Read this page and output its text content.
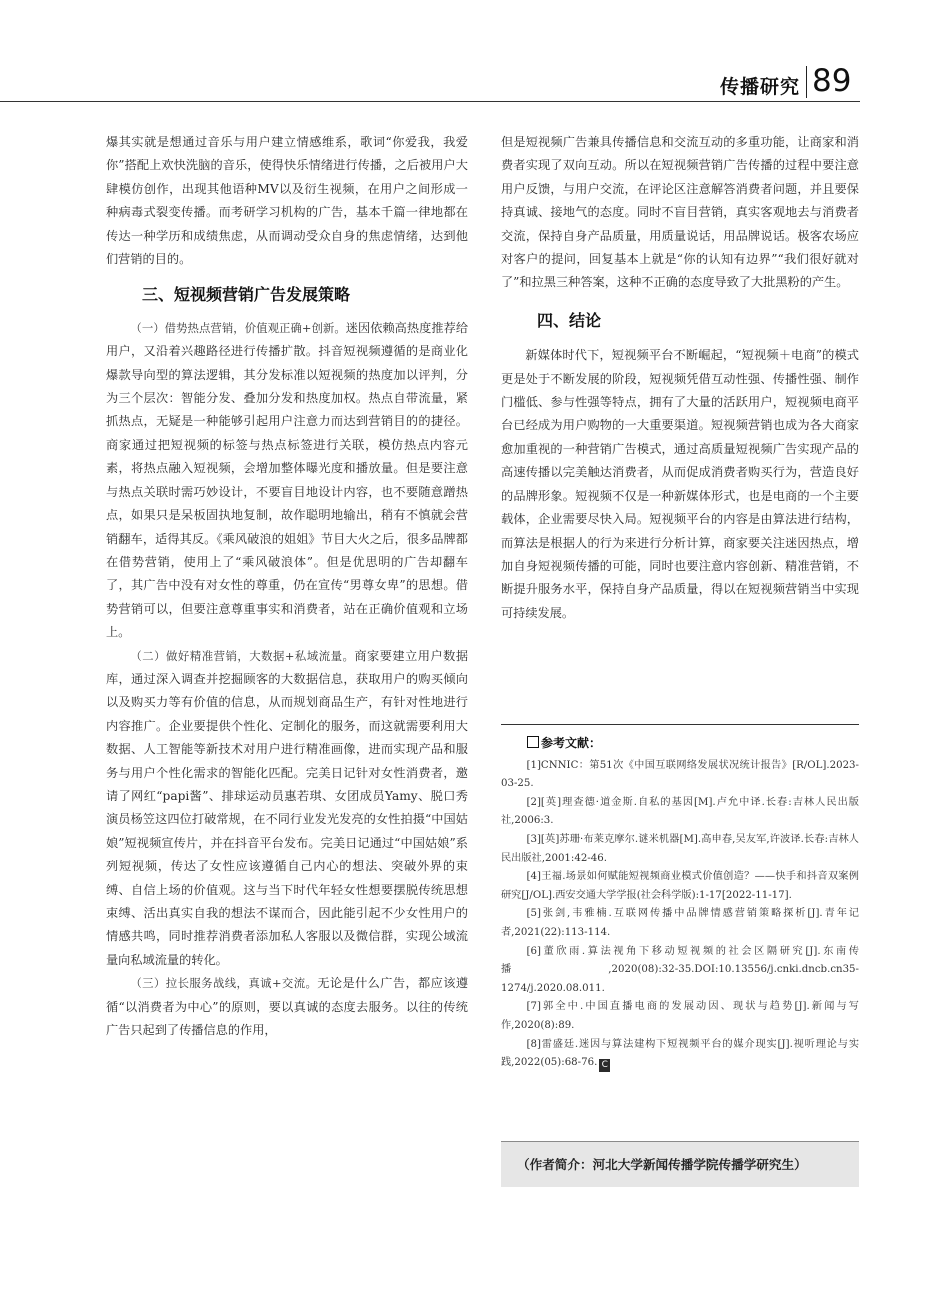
传播研究 89

爆其实就是想通过音乐与用户建立情感维系，歌词“你爱我，我爱你”搭配上欢快洗脑的音乐，使得快乐情绪进行传播，之后被用户大肆模仿创作，出现其他语种MV以及衍生视频，在用户之间形成一种病毒式裂变传播。而考研学习机构的广告，基本千篇一律地都在传达一种学历和成绩焦虑，从而调动受众自身的焦虑情绪，达到他们营销的目的。

三、短视频营销广告发展策略

（一）借势热点营销，价值观正确+创新。迷因依赖高热度推荐给用户，又沿着兴趣路径进行传播扩散。抖音短视频遵循的是商业化爆款导向型的算法逻辑，其分发标准以短视频的热度加以评判，分为三个层次：智能分发、叠加分发和热度加权。热点自带流量，紧抓热点，无疑是一种能够引起用户注意力而达到营销目的的捷径。商家通过把短视频的标签与热点标签进行关联，模仿热点内容元素，将热点融入短视频，会增加整体曝光度和播放量。但是要注意与热点关联时需巧妙设计，不要盲目地设计内容，也不要随意蹭热点，如果只是呆板固执地复制，故作聪明地输出，稍有不慎就会营销翻车，适得其反。《乘风破浪的姐姐》节目大火之后，很多品牌都在借势营销，使用上了“乘风破浪体”。但是优思明的广告却翻车了，其广告中没有对女性的尊重，仍在宣传“男尊女卑”的思想。借势营销可以，但要注意尊重事实和消费者，站在正确价值观和立场上。

（二）做好精准营销，大数据+私域流量。商家要建立用户数据库，通过深入调查并挖掘顾客的大数据信息，获取用户的购买倾向以及购买力等有价值的信息，从而规划商品生产，有针对性地进行内容推广。企业要提供个性化、定制化的服务，而这就需要利用大数据、人工智能等新技术对用户进行精准画像，进而实现产品和服务与用户个性化需求的智能化匹配。完美日记针对女性消费者，邀请了网红“papi酱”、排球运动员惠若琪、女团成员Yamy、脱口秀演员杨笠这四位打破常规，在不同行业发光发亮的女性拍摄“中国姑娘”短视频宣传片，并在抖音平台发布。完美日记通过“中国姑娘”系列短视频，传达了女性应该遵循自己内心的想法、突破外界的束缚、自信上场的价值观。这与当下时代年轻女性想要摆脱传统思想束缚、活出真实自我的想法不谋而合，因此能引起不少女性用户的情感共鸣，同时推荐消费者添加私人客服以及微信群，实现公域流量向私域流量的转化。

（三）拉长服务战线，真诚+交流。无论是什么广告，都应该遵循“以消费者为中心”的原则，要以真诚的态度去服务。以往的传统广告只起到了传播信息的作用，

但是短视频广告兼具传播信息和交流互动的多重功能，让商家和消费者实现了双向互动。所以在短视频营销广告传播的过程中要注意用户反馈，与用户交流，在评论区注意解答消费者问题，并且要保持真诚、接地气的态度。同时不盲目营销，真实客观地去与消费者交流，保持自身产品质量，用质量说话，用品牌说话。极客农场应对客户的提问，回复基本上就是“你的认知有边界”“我们很好就对了”和拉黑三种答案，这种不正确的态度导致了大批黑粉的产生。

四、结论

新媒体时代下，短视频平台不断崛起，“短视频＋电商”的模式更是处于不断发展的阶段，短视频凭借互动性强、传播性强、制作门槛低、参与性强等特点，拥有了大量的活跃用户，短视频电商平台已经成为用户购物的一大重要渠道。短视频营销也成为各大商家愈加重视的一种营销广告模式，通过高质量短视频广告实现产品的高速传播以完美触达消费者，从而促成消费者购买行为，营造良好的品牌形象。短视频不仅是一种新媒体形式，也是电商的一个主要载体，企业需要尽快入局。短视频平台的内容是由算法进行结构，而算法是根据人的行为来进行分析计算，商家要关注迷因热点，增加自身短视频传播的可能，同时也要注意内容创新、精准营销，不断提升服务水平，保持自身产品质量，得以在短视频营销当中实现可持续发展。

参考文献：

[1]CNNIC：第51次《中国互联网络发展状况统计报告》[R/OL].2023-03-25.

[2][英]理查德·道金斯.自私的基因[M].卢允中译.长春:吉林人民出版社,2006:3.

[3][英]苏珊·布莱克摩尔.谜米机器[M].高申春,吴友军,许波译.长春:吉林人民出版社,2001:42-46.

[4]王福.场景如何赋能短视频商业模式价值创造？——快手和抖音双案例研究[J/OL].西安交通大学学报(社会科学版):1-17[2022-11-17].

[5]张剑,韦雅楠.互联网传播中品牌情感营销策略探析[J].青年记者,2021(22):113-114.

[6]董欣雨.算法视角下移动短视频的社会区隔研究[J].东南传播,2020(08):32-35.DOI:10.13556/j.cnki.dncb.cn35-1274/j.2020.08.011.

[7]郭全中.中国直播电商的发展动因、现状与趋势[J].新闻与写作,2020(8):89.

[8]雷盛廷.迷因与算法建构下短视频平台的媒介现实[J].视听理论与实践,2022(05):68-76. C

（作者简介：河北大学新闻传播学院传播学研究生）
